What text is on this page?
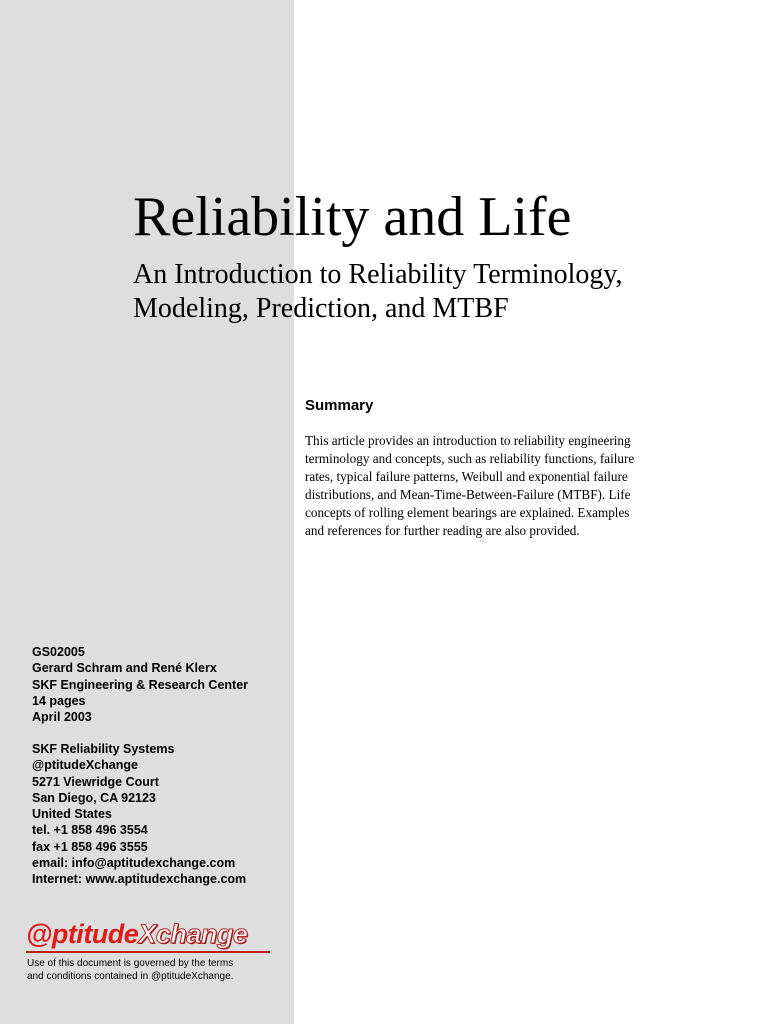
Reliability and Life
An Introduction to Reliability Terminology,
Modeling, Prediction, and MTBF
Summary

This article provides an introduction to reliability engineering
terminology and concepts, such as reliability functions, failure
rates, typical failure patterns, Weibull and exponential failure
distributions, and Mean-Time-Between-Failure (MTBF). Life
concepts of rolling element bearings are explained. Examples
and references for further reading are also provided.

GS02005
Gerard Schram and René Klerx
SKF Engineering & Research Center
14 pages
April 2003
SKF Reliability Systems
@ptitudeXchange
5271 Viewridge Court
San Diego, CA 92123
United States
tel. +1 858 496 3554
fax +1 858 496 3555
email: info@aptitudexchange.com
Internet: www.aptitudexchange.com
@ptitudeXchange
Use of this document is governed by the terms
and conditions contained in @ptitudeXchange.
